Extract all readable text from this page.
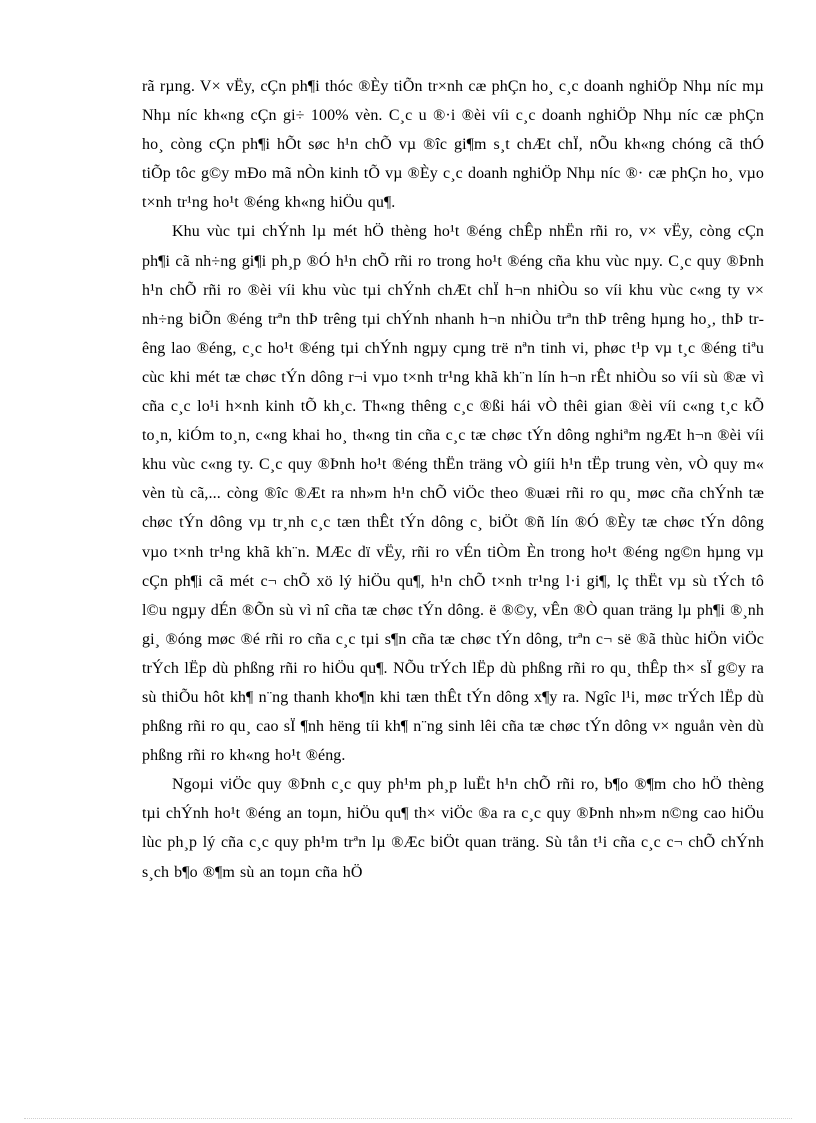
rã rµng. V× vËy, cÇn ph¶i thóc ®Èy tiÕn tr×nh cæ phÇn ho¸ c¸c doanh nghiÖp Nhµ níc mµ Nhµ níc kh«ng cÇn gi÷ 100% vèn. C¸c u ®·i ®èi víi c¸c doanh nghiÖp Nhµ níc cæ phÇn ho¸ còng cÇn ph¶i hÕt søc h¹n chÕ vµ ®îc gi¶m s¸t chÆt chÏ, nÕu kh«ng chóng cã thÓ tiÕp tôc g©y mÐo mã nÒn kinh tÕ vµ ®Èy c¸c doanh nghiÖp Nhµ níc ®· cæ phÇn ho¸ vµo t×nh tr¹ng ho¹t ®éng kh«ng hiÖu qu¶.

Khu vùc tµi chÝnh lµ mét hÖ thèng ho¹t ®éng chÊp nhËn rñi ro, v× vËy, còng cÇn ph¶i cã nh÷ng gi¶i ph¸p ®Ó h¹n chÕ rñi ro trong ho¹t ®éng cña khu vùc nµy. C¸c quy ®Þnh h¹n chÕ rñi ro ®èi víi khu vùc tµi chÝnh chÆt chÏ h¬n nhiÒu so víi khu vùc c«ng ty v× nh÷ng biÕn ®éng trªn thÞ trêng tµi chÝnh nhanh h¬n nhiÒu trªn thÞ trêng hµng ho¸, thÞ trêng lao ®éng, c¸c ho¹t ®éng tµi chÝnh ngµy cµng trë nªn tinh vi, phøc t¹p vµ t¸c ®éng tiªu cùc khi mét tæ chøc tÝn dông r¬i vµo t×nh tr¹ng khã kh¨n lín h¬n rÊt nhiÒu so víi sù ®æ vì cña c¸c lo¹i h×nh kinh tÕ kh¸c. Th«ng thêng c¸c ®ßi hái vÒ thêi gian ®èi víi c«ng t¸c kÕ to¸n, kiÓm to¸n, c«ng khai ho¸ th«ng tin cña c¸c tæ chøc tÝn dông nghiªm ngÆt h¬n ®èi víi khu vùc c«ng ty. C¸c quy ®Þnh ho¹t ®éng thËn träng vÒ giíi h¹n tËp trung vèn, vÒ quy m« vèn tù cã,... còng ®îc ®Æt ra nh»m h¹n chÕ viÖc theo ®uæi rñi ro qu¸ møc cña chÝnh tæ chøc tÝn dông vµ tr¸nh c¸c tæn thÊt tÝn dông c¸ biÖt ®ñ lín ®Ó ®Èy tæ chøc tÝn dông vµo t×nh tr¹ng khã kh¨n. MÆc dï vËy, rñi ro vÉn tiÒm Èn trong ho¹t ®éng ng©n hµng vµ cÇn ph¶i cã mét c¬ chÕ xö lý hiÖu qu¶, h¹n chÕ t×nh tr¹ng l·i gi¶, lç thËt vµ sù tÝch tô l©u ngµy dÉn ®Õn sù vì nî cña tæ chøc tÝn dông. ë ®©y, vÊn ®Ò quan träng lµ ph¶i ®¸nh gi¸ ®óng møc ®é rñi ro cña c¸c tµi s¶n cña tæ chøc tÝn dông, trªn c¬ së ®ã thùc hiÖn viÖc trÝch lËp dù phßng rñi ro hiÖu qu¶. NÕu trÝch lËp dù phßng rñi ro qu¸ thÊp th× sÏ g©y ra sù thiÕu hôt kh¶ n¨ng thanh kho¶n khi tæn thÊt tÝn dông x¶y ra. Ngîc l¹i, møc trÝch lËp dù phßng rñi ro qu¸ cao sÏ ¶nh hëng tíi kh¶ n¨ng sinh lêi cña tæ chøc tÝn dông v× nguån vèn dù phßng rñi ro kh«ng ho¹t ®éng.

Ngoµi viÖc quy ®Þnh c¸c quy ph¹m ph¸p luËt h¹n chÕ rñi ro, b¶o ®¶m cho hÖ thèng tµi chÝnh ho¹t ®éng an toµn, hiÖu qu¶ th× viÖc ®a ra c¸c quy ®Þnh nh»m n©ng cao hiÖu lùc ph¸p lý cña c¸c quy ph¹m trªn lµ ®Æc biÖt quan träng. Sù tån t¹i cña c¸c c¬ chÕ chÝnh s¸ch b¶o ®¶m sù an toµn cña hÖ
